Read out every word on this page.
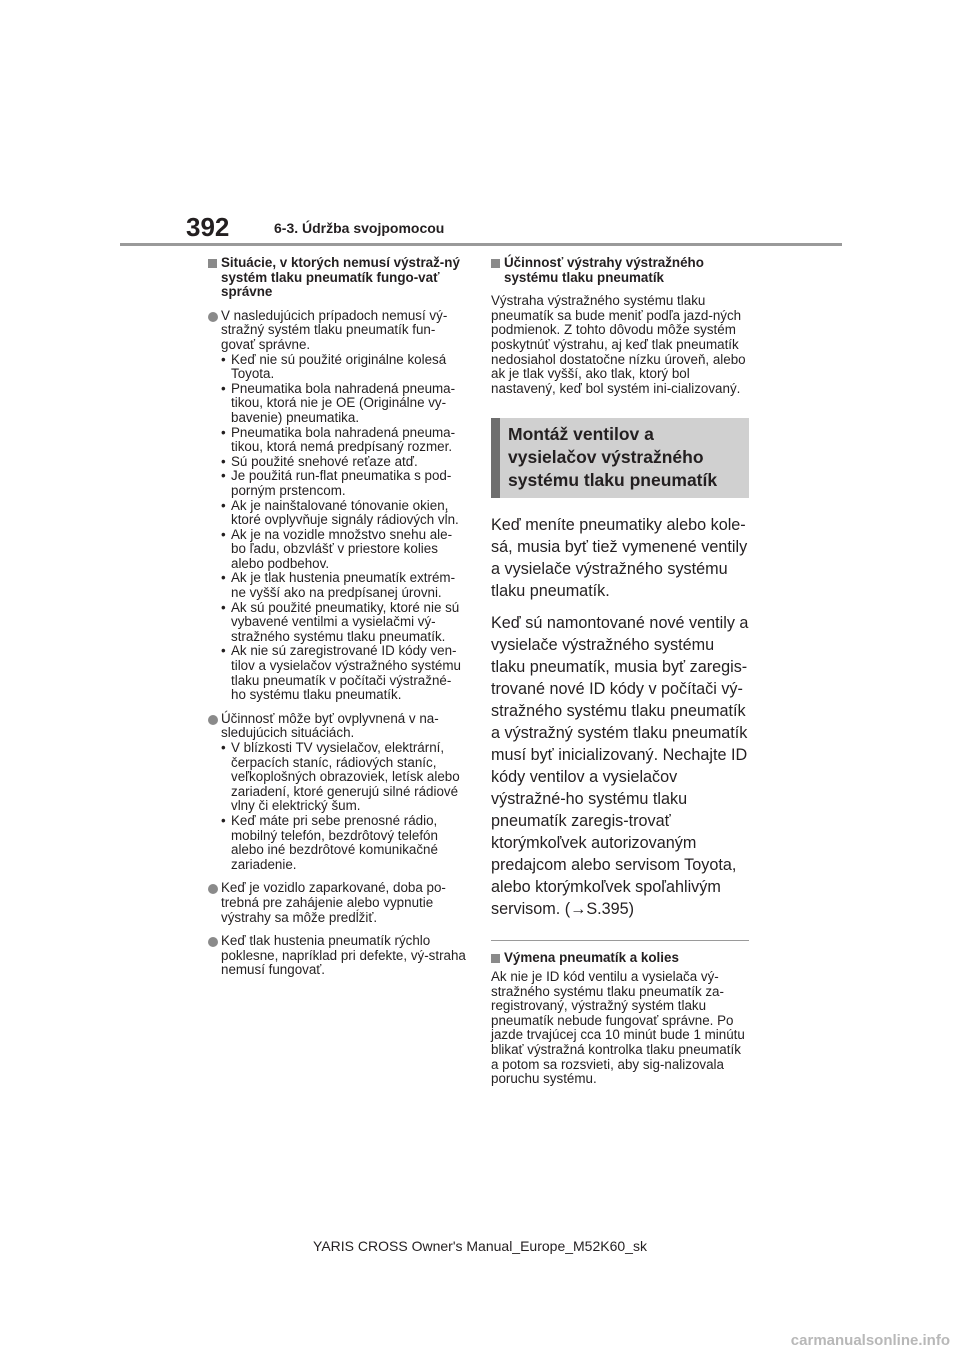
392	6-3. Údržba svojpomocou
Situácie, v ktorých nemusí výstraž-ný systém tlaku pneumatík fungo-vať správne
V nasledujúcich prípadoch nemusí vý-stražný systém tlaku pneumatík fun-govať správne.
• Keď nie sú použité originálne kolesá Toyota.
• Pneumatika bola nahradená pneuma-tikou, ktorá nie je OE (Originálne vy-bavenie) pneumatika.
• Pneumatika bola nahradená pneuma-tikou, ktorá nemá predpísaný rozmer.
• Sú použité snehové reťaze atď.
• Je použitá run-flat pneumatika s pod-porným prstencom.
• Ak je nainštalované tónovanie okien, ktoré ovplyvňuje signály rádiových vĺn.
• Ak je na vozidle množstvo snehu ale-bo ľadu, obzvlášť v priestore kolies alebo podbehov.
• Ak je tlak hustenia pneumatík extrém-ne vyšší ako na predpísanej úrovni.
• Ak sú použité pneumatiky, ktoré nie sú vybavené ventilmi a vysielačmi vý-stražného systému tlaku pneumatík.
• Ak nie sú zaregistrované ID kódy ven-tilov a vysielačov výstražného systému tlaku pneumatík v počítači výstražné-ho systému tlaku pneumatík.
Účinnosť môže byť ovplyvnená v na-sledujúcich situáciách.
• V blízkosti TV vysielačov, elektrární, čerpacích staníc, rádiových staníc, veľkoplošných obrazoviek, letísk alebo zariadení, ktoré generujú silné rádiové vlny či elektrický šum.
• Keď máte pri sebe prenosné rádio, mobilný telefón, bezdrôtový telefón alebo iné bezdrôtové komunikačné zariadenie.
Keď je vozidlo zaparkované, doba po-trebná pre zahájenie alebo vypnutie výstrahy sa môže predĺžiť.
Keď tlak hustenia pneumatík rýchlo poklesne, napríklad pri defekte, vý-straha nemusí fungovať.
Účinnosť výstrahy výstražného systému tlaku pneumatík

Výstraha výstražného systému tlaku pneumatík sa bude meniť podľa jazd-ných podmienok. Z tohto dôvodu môže systém poskytnúť výstrahu, aj keď tlak pneumatík nedosiahol dostatočne nízku úroveň, alebo ak je tlak vyšší, ako tlak, ktorý bol nastavený, keď bol systém ini-cializovaný.

Montáž ventilov a vysielačov výstražného systému tlaku pneumatík

Keď meníte pneumatiky alebo kole-sá, musia byť tiež vymenené ventily a vysielače výstražného systému tlaku pneumatík.

Keď sú namontované nové ventily a vysielače výstražného systému tlaku pneumatík, musia byť zaregis-trované nové ID kódy v počítači vý-stražného systému tlaku pneumatík a výstražný systém tlaku pneumatík musí byť inicializovaný. Nechajte ID kódy ventilov a vysielačov výstražné-ho systému tlaku pneumatík zaregis-trovať ktorýmkoľvek autorizovaným predajcom alebo servisom Toyota, alebo ktorýmkoľvek spoľahlivým servisom. (→S.395)

Výmena pneumatík a kolies

Ak nie je ID kód ventilu a vysielača vý-stražného systému tlaku pneumatík za-registrovaný, výstražný systém tlaku pneumatík nebude fungovať správne. Po jazde trvajúcej cca 10 minút bude 1 minútu blikať výstražná kontrolka tlaku pneumatík a potom sa rozsvieti, aby sig-nalizovala poruchu systému.

YARIS CROSS Owner's Manual_Europe_M52K60_sk
carmanualsonline.info
